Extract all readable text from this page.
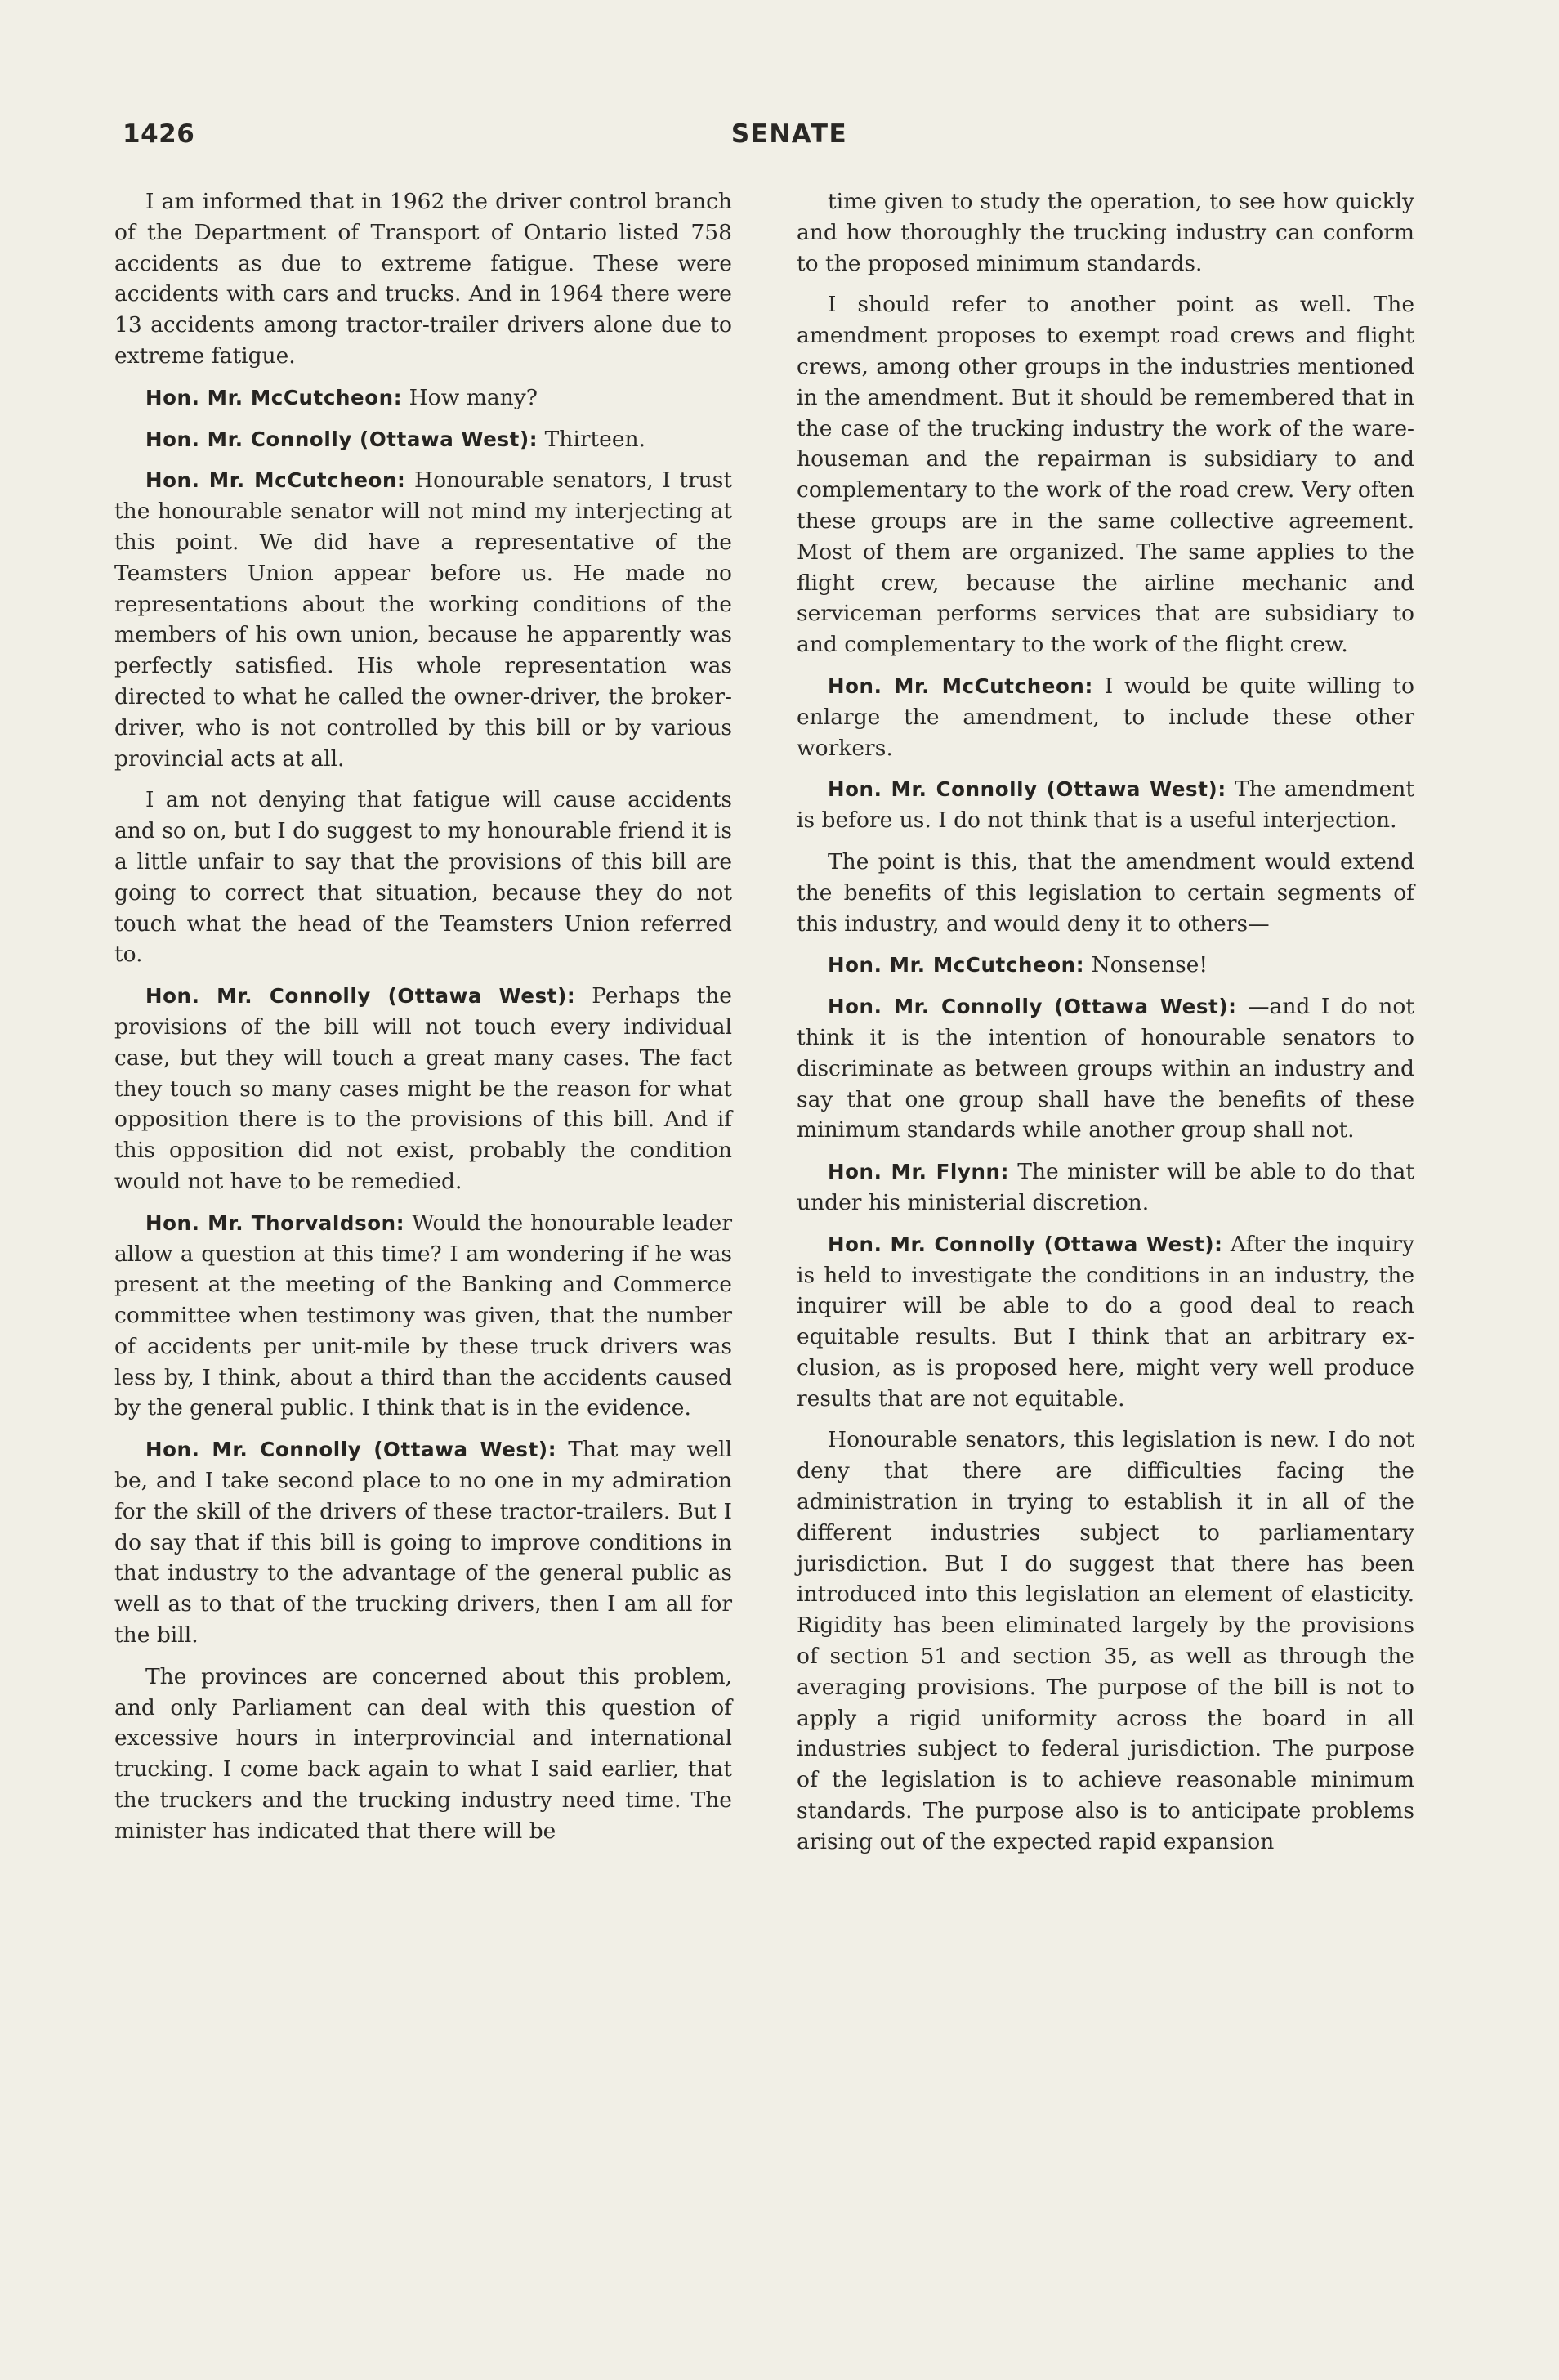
1426	SENATE

I am informed that in 1962 the driver control branch of the Department of Transport of Ontario listed 758 accidents as due to extreme fatigue. These were accidents with cars and trucks. And in 1964 there were 13 accidents among tractor-trailer drivers alone due to extreme fatigue.

Hon. Mr. McCutcheon: How many?

Hon. Mr. Connolly (Ottawa West): Thirteen.

Hon. Mr. McCutcheon: Honourable senators, I trust the honourable senator will not mind my interjecting at this point. We did have a representative of the Teamsters Union appear before us. He made no representations about the working conditions of the members of his own union, because he apparently was perfectly satisfied. His whole representation was directed to what he called the owner-driver, the broker-driver, who is not controlled by this bill or by various provincial acts at all.

I am not denying that fatigue will cause accidents and so on, but I do suggest to my honourable friend it is a little unfair to say that the provisions of this bill are going to correct that situation, because they do not touch what the head of the Teamsters Union referred to.

Hon. Mr. Connolly (Ottawa West): Perhaps the provisions of the bill will not touch every individual case, but they will touch a great many cases. The fact they touch so many cases might be the reason for what opposition there is to the provisions of this bill. And if this opposition did not exist, probably the condition would not have to be remedied.

Hon. Mr. Thorvaldson: Would the honourable leader allow a question at this time? I am wondering if he was present at the meeting of the Banking and Commerce committee when testimony was given, that the number of accidents per unit-mile by these truck drivers was less by, I think, about a third than the accidents caused by the general public. I think that is in the evidence.

Hon. Mr. Connolly (Ottawa West): That may well be, and I take second place to no one in my admiration for the skill of the drivers of these tractor-trailers. But I do say that if this bill is going to improve conditions in that industry to the advantage of the general public as well as to that of the trucking drivers, then I am all for the bill.

The provinces are concerned about this problem, and only Parliament can deal with this question of excessive hours in interprovincial and international trucking. I come back again to what I said earlier, that the truckers and the trucking industry need time. The minister has indicated that there will be

time given to study the operation, to see how quickly and how thoroughly the trucking industry can conform to the proposed minimum standards.

I should refer to another point as well. The amendment proposes to exempt road crews and flight crews, among other groups in the industries mentioned in the amendment. But it should be remembered that in the case of the trucking industry the work of the warehouseman and the repairman is subsidiary to and complementary to the work of the road crew. Very often these groups are in the same collective agreement. Most of them are organized. The same applies to the flight crew, because the airline mechanic and serviceman performs services that are subsidiary to and complementary to the work of the flight crew.

Hon. Mr. McCutcheon: I would be quite willing to enlarge the amendment, to include these other workers.

Hon. Mr. Connolly (Ottawa West): The amendment is before us. I do not think that is a useful interjection.

The point is this, that the amendment would extend the benefits of this legislation to certain segments of this industry, and would deny it to others—

Hon. Mr. McCutcheon: Nonsense!

Hon. Mr. Connolly (Ottawa West): —and I do not think it is the intention of honourable senators to discriminate as between groups within an industry and say that one group shall have the benefits of these minimum standards while another group shall not.

Hon. Mr. Flynn: The minister will be able to do that under his ministerial discretion.

Hon. Mr. Connolly (Ottawa West): After the inquiry is held to investigate the conditions in an industry, the inquirer will be able to do a good deal to reach equitable results. But I think that an arbitrary exclusion, as is proposed here, might very well produce results that are not equitable.

Honourable senators, this legislation is new. I do not deny that there are difficulties facing the administration in trying to establish it in all of the different industries subject to parliamentary jurisdiction. But I do suggest that there has been introduced into this legislation an element of elasticity. Rigidity has been eliminated largely by the provisions of section 51 and section 35, as well as through the averaging provisions. The purpose of the bill is not to apply a rigid uniformity across the board in all industries subject to federal jurisdiction. The purpose of the legislation is to achieve reasonable minimum standards. The purpose also is to anticipate problems arising out of the expected rapid expansion
